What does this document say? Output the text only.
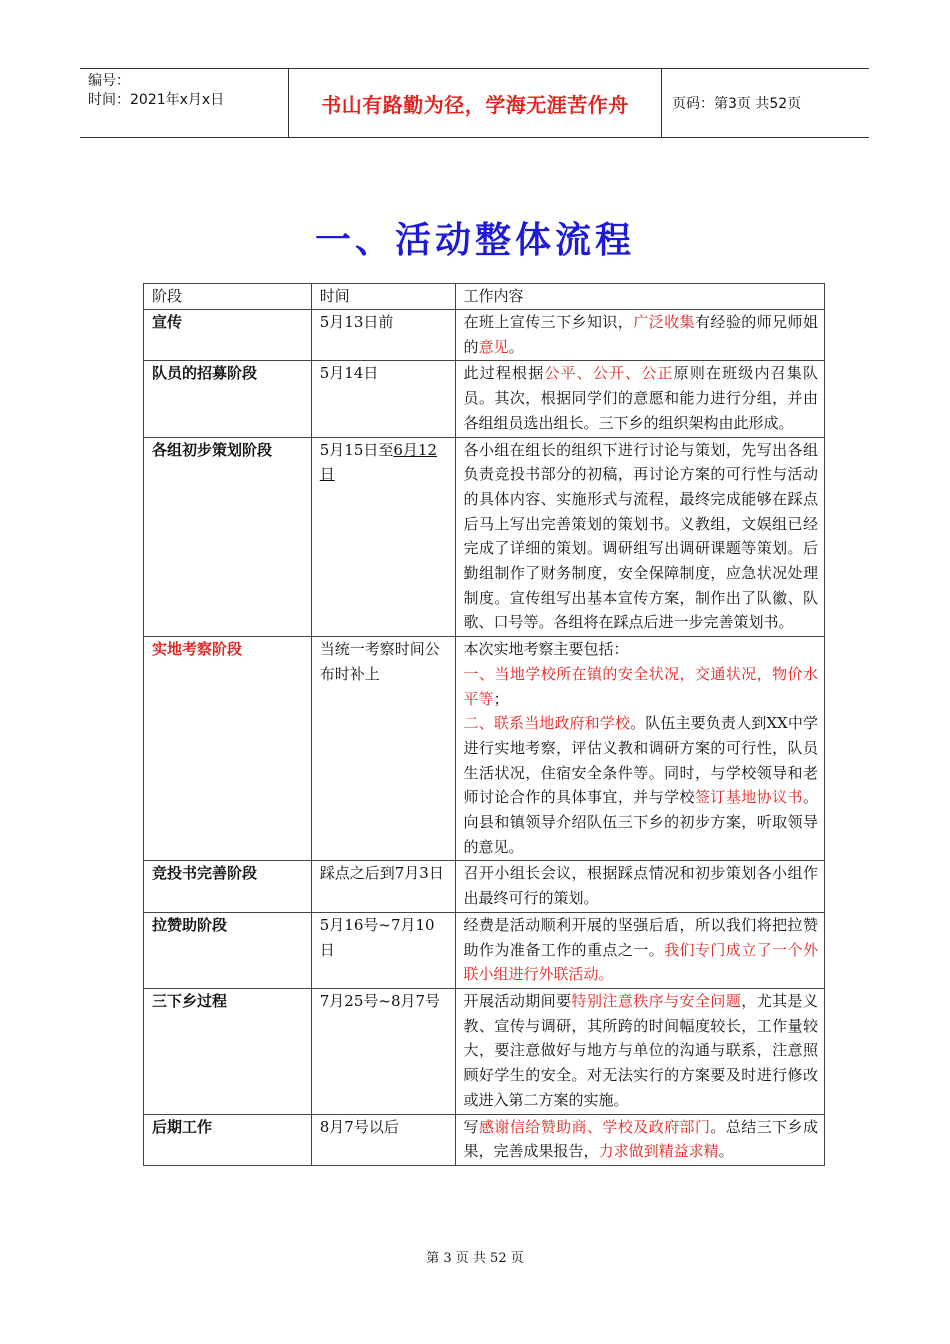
编号：
时间：2021年x月x日	书山有路勤为径，学海无涯苦作舟	页码：第3页 共52页
一、活动整体流程
阶段	时间	工作内容
宣传	5月13日前	在班上宣传三下乡知识，广泛收集有经验的师兄师姐的意见。
队员的招募阶段	5月14日	此过程根据公平、公开、公正原则在班级内召集队员。其次，根据同学们的意愿和能力进行分组，并由各组组员选出组长。三下乡的组织架构由此形成。
各组初步策划阶段	5月15日至6月12日	各小组在组长的组织下进行讨论与策划，先写出各组负责竞投书部分的初稿，再讨论方案的可行性与活动的具体内容、实施形式与流程，最终完成能够在踩点后马上写出完善策划的策划书。义教组，文娱组已经完成了详细的策划。调研组写出调研课题等策划。后勤组制作了财务制度，安全保障制度，应急状况处理制度。宣传组写出基本宣传方案，制作出了队徽、队歌、口号等。各组将在踩点后进一步完善策划书。
实地考察阶段	当统一考察时间公布时补上	本次实地考察主要包括：
一、当地学校所在镇的安全状况，交通状况，物价水平等；
二、联系当地政府和学校。队伍主要负责人到XX中学进行实地考察，评估义教和调研方案的可行性，队员生活状况，住宿安全条件等。同时，与学校领导和老师讨论合作的具体事宜，并与学校签订基地协议书。向县和镇领导介绍队伍三下乡的初步方案，听取领导的意见。
竞投书完善阶段	踩点之后到7月3日	召开小组长会议，根据踩点情况和初步策划各小组作出最终可行的策划。
拉赞助阶段	5月16号~7月10日	经费是活动顺利开展的坚强后盾，所以我们将把拉赞助作为准备工作的重点之一。我们专门成立了一个外联小组进行外联活动。
三下乡过程	7月25号~8月7号	开展活动期间要特别注意秩序与安全问题，尤其是义教、宣传与调研，其所跨的时间幅度较长，工作量较大，要注意做好与地方与单位的沟通与联系，注意照顾好学生的安全。对无法实行的方案要及时进行修改或进入第二方案的实施。
后期工作	8月7号以后	写感谢信给赞助商、学校及政府部门。总结三下乡成果，完善成果报告，力求做到精益求精。
第 3 页 共 52 页
